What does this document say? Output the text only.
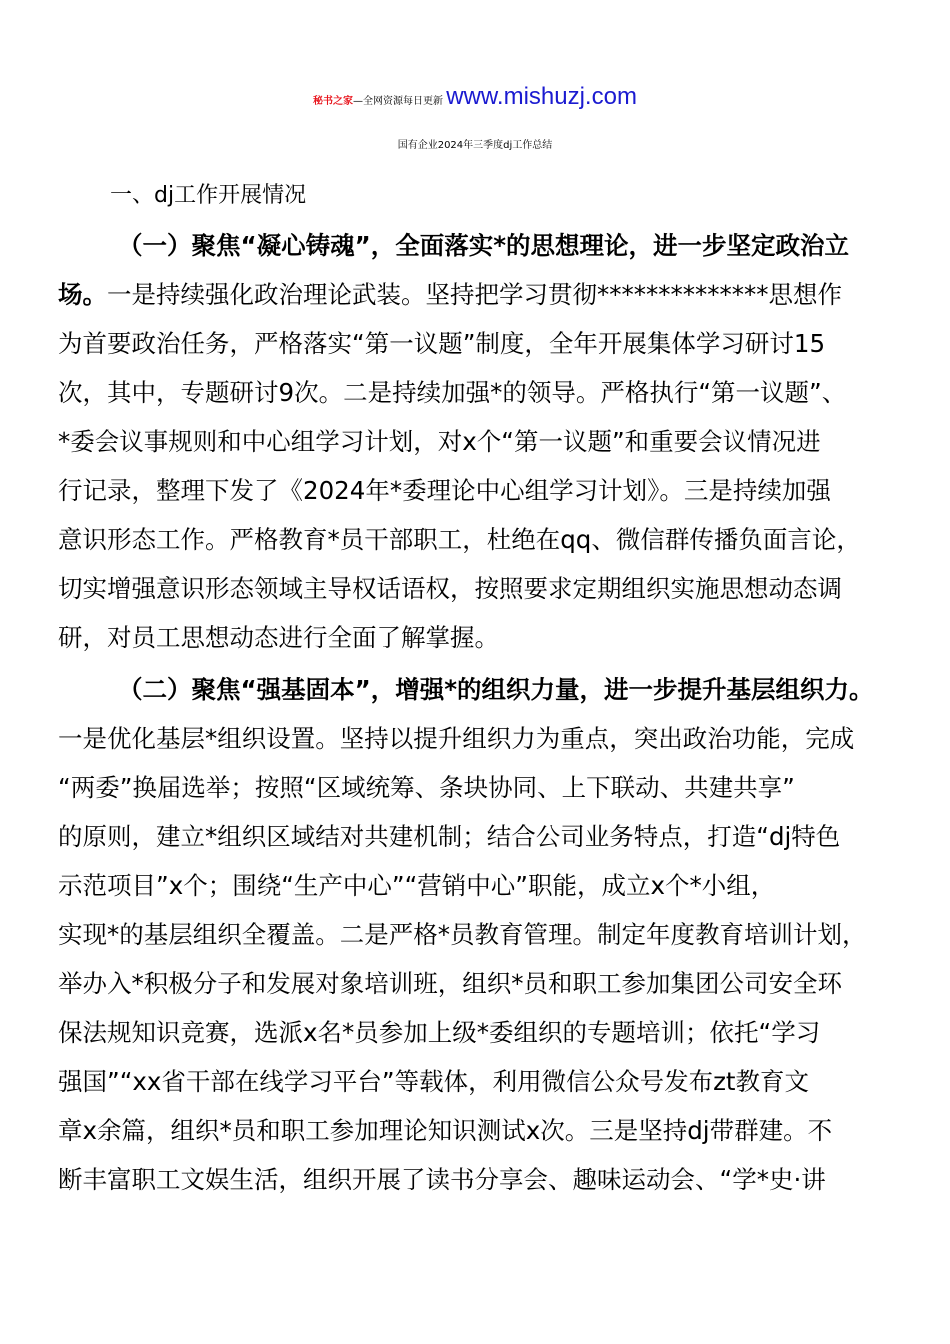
秘书之家—全网资源每日更新 www.mishuzj.com
国有企业2024年三季度dj工作总结
一、dj工作开展情况
（一）聚焦“凝心铸魂”，全面落实*的思想理论，进一步坚定政治立
场。一是持续强化政治理论武装。坚持把学习贯彻**************思想作
为首要政治任务，严格落实“第一议题”制度，全年开展集体学习研讨15
次，其中，专题研讨9次。二是持续加强*的领导。严格执行“第一议题”、
*委会议事规则和中心组学习计划，对x个“第一议题”和重要会议情况进
行记录，整理下发了《2024年*委理论中心组学习计划》。三是持续加强
意识形态工作。严格教育*员干部职工，杜绝在qq、微信群传播负面言论，
切实增强意识形态领域主导权话语权，按照要求定期组织实施思想动态调
研，对员工思想动态进行全面了解掌握。
（二）聚焦“强基固本”，增强*的组织力量，进一步提升基层组织力。
一是优化基层*组织设置。坚持以提升组织力为重点，突出政治功能，完成
“两委”换届选举；按照“区域统筹、条块协同、上下联动、共建共享”
的原则，建立*组织区域结对共建机制；结合公司业务特点，打造“dj特色
示范项目”x个；围绕“生产中心”“营销中心”职能，成立x个*小组，
实现*的基层组织全覆盖。二是严格*员教育管理。制定年度教育培训计划，
举办入*积极分子和发展对象培训班，组织*员和职工参加集团公司安全环
保法规知识竞赛，选派x名*员参加上级*委组织的专题培训；依托“学习
强国”“xx省干部在线学习平台”等载体，利用微信公众号发布zt教育文
章x余篇，组织*员和职工参加理论知识测试x次。三是坚持dj带群建。不
断丰富职工文娱生活，组织开展了读书分享会、趣味运动会、“学*史·讲
